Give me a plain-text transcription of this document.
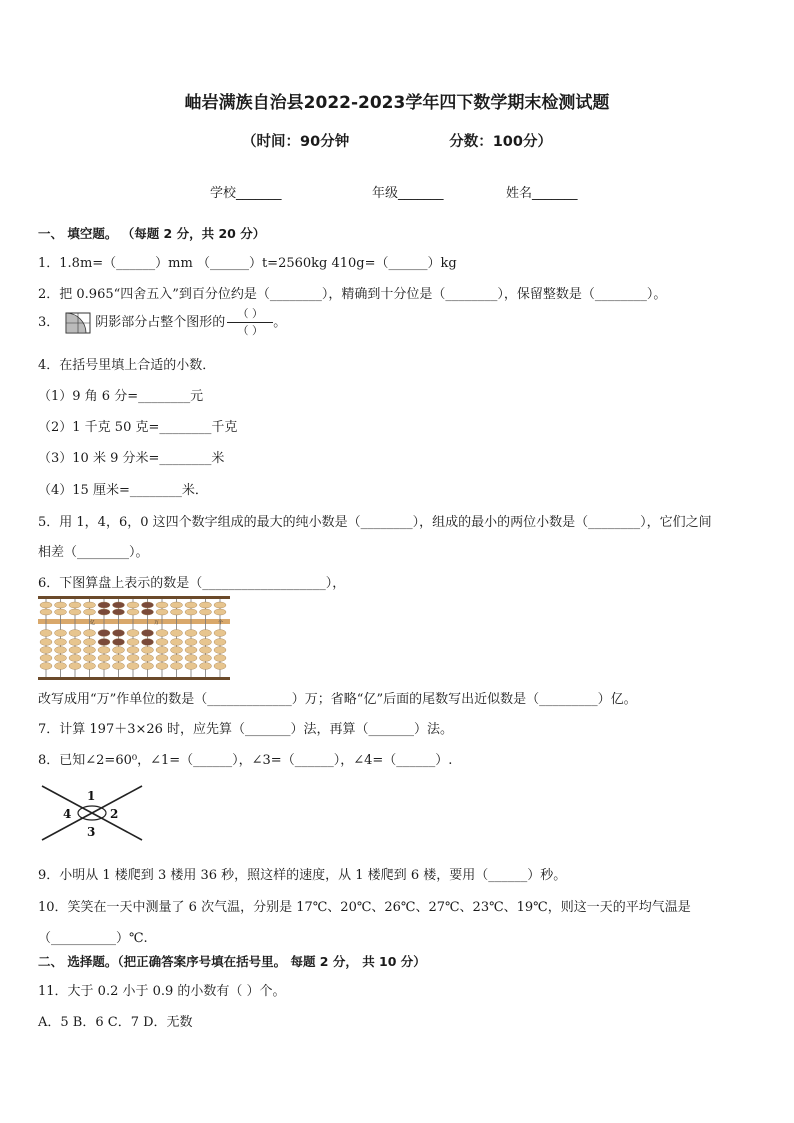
岫岩满族自治县2022-2023学年四下数学期末检测试题
（时间：90分钟	分数：100分）
学校_______	年级_______	姓名_______
一、 填空题。 （每题 2 分，共 20 分）
1．1.8m=（______）mm （______）t=2560kg 410g=（______）kg
2．把 0.965“四舍五入”到百分位约是（________），精确到十分位是（________），保留整数是（________）。
3．	阴影部分占整个图形的 $\frac{( )}{( )}$ 。
4．在括号里填上合适的小数．
（1）9 角 6 分=________元
（2）1 千克 50 克=________千克
（3）10 米 9 分米=________米
（4）15 厘米=________米．
5．用 1，4，6，0 这四个数字组成的最大的纯小数是（________），组成的最小的两位小数是（________），它们之间
相差（________）。
6．下图算盘上表示的数是（___________________），
亿	万	个
改写成用“万”作单位的数是（_____________）万；省略“亿”后面的尾数写出近似数是（_________）亿。
7．计算 197＋3×26 时，应先算（_______）法，再算（_______）法。
8．已知∠2=60⁰，∠1=（______），∠3=（______），∠4=（______）.
1
2
3
4
9．小明从 1 楼爬到 3 楼用 36 秒，照这样的速度，从 1 楼爬到 6 楼，要用（______）秒。
10．笑笑在一天中测量了 6 次气温，分别是 17℃、20℃、26℃、27℃、23℃、19℃，则这一天的平均气温是
（__________）℃.
二、 选择题。（把正确答案序号填在括号里。 每题 2 分， 共 10 分）
11．大于 0.2 小于 0.9 的小数有（ ）个。
A．5 B．6 C．7 D．无数
